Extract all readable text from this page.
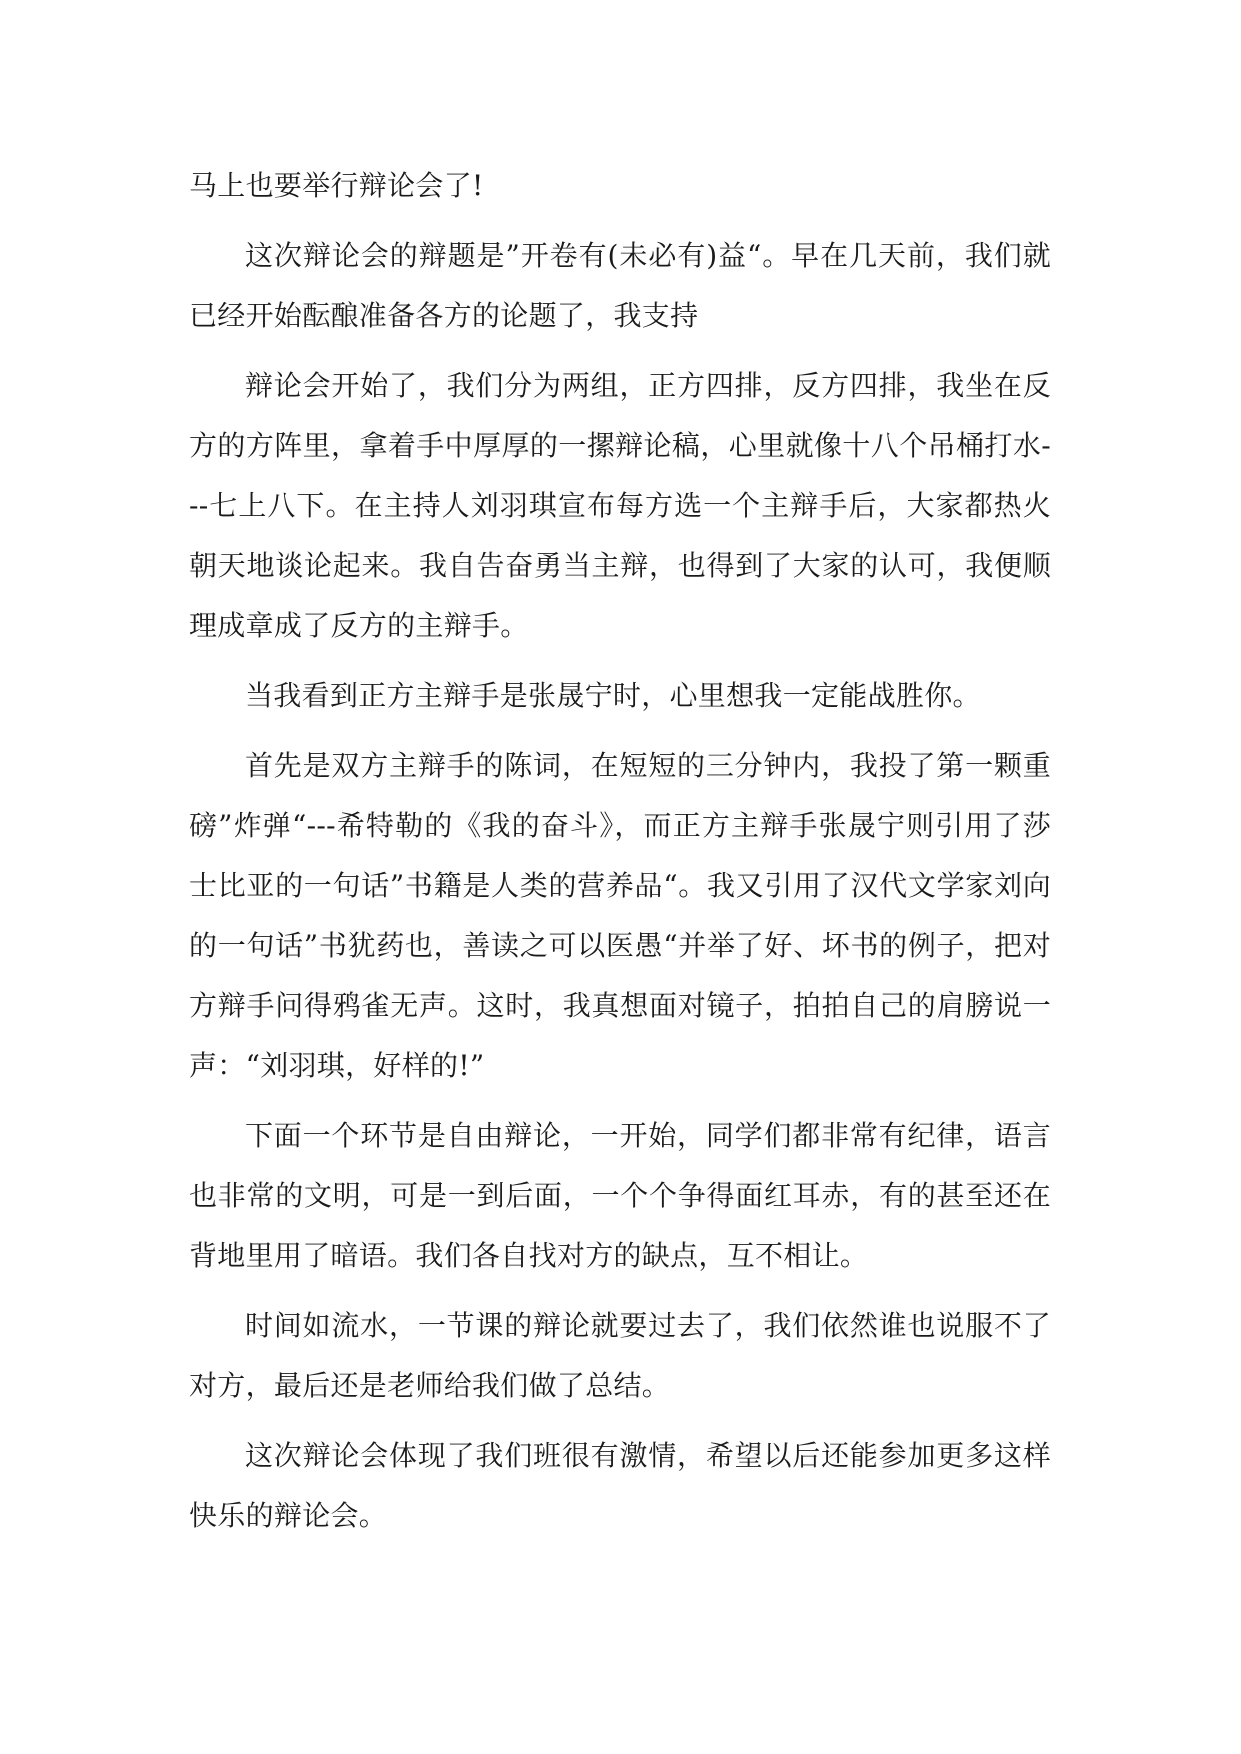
马上也要举行辩论会了!

这次辩论会的辩题是”开卷有(未必有)益“。早在几天前，我们就已经开始酝酿准备各方的论题了，我支持

辩论会开始了，我们分为两组，正方四排，反方四排，我坐在反方的方阵里，拿着手中厚厚的一摞辩论稿，心里就像十八个吊桶打水---七上八下。在主持人刘羽琪宣布每方选一个主辩手后，大家都热火朝天地谈论起来。我自告奋勇当主辩，也得到了大家的认可，我便顺理成章成了反方的主辩手。

当我看到正方主辩手是张晟宁时，心里想我一定能战胜你。

首先是双方主辩手的陈词，在短短的三分钟内，我投了第一颗重磅”炸弹“---希特勒的《我的奋斗》，而正方主辩手张晟宁则引用了莎士比亚的一句话”书籍是人类的营养品“。我又引用了汉代文学家刘向的一句话”书犹药也，善读之可以医愚“并举了好、坏书的例子，把对方辩手问得鸦雀无声。这时，我真想面对镜子，拍拍自己的肩膀说一声：“刘羽琪，好样的!”

下面一个环节是自由辩论，一开始，同学们都非常有纪律，语言也非常的文明，可是一到后面，一个个争得面红耳赤，有的甚至还在背地里用了暗语。我们各自找对方的缺点，互不相让。

时间如流水，一节课的辩论就要过去了，我们依然谁也说服不了对方，最后还是老师给我们做了总结。

这次辩论会体现了我们班很有激情，希望以后还能参加更多这样快乐的辩论会。
